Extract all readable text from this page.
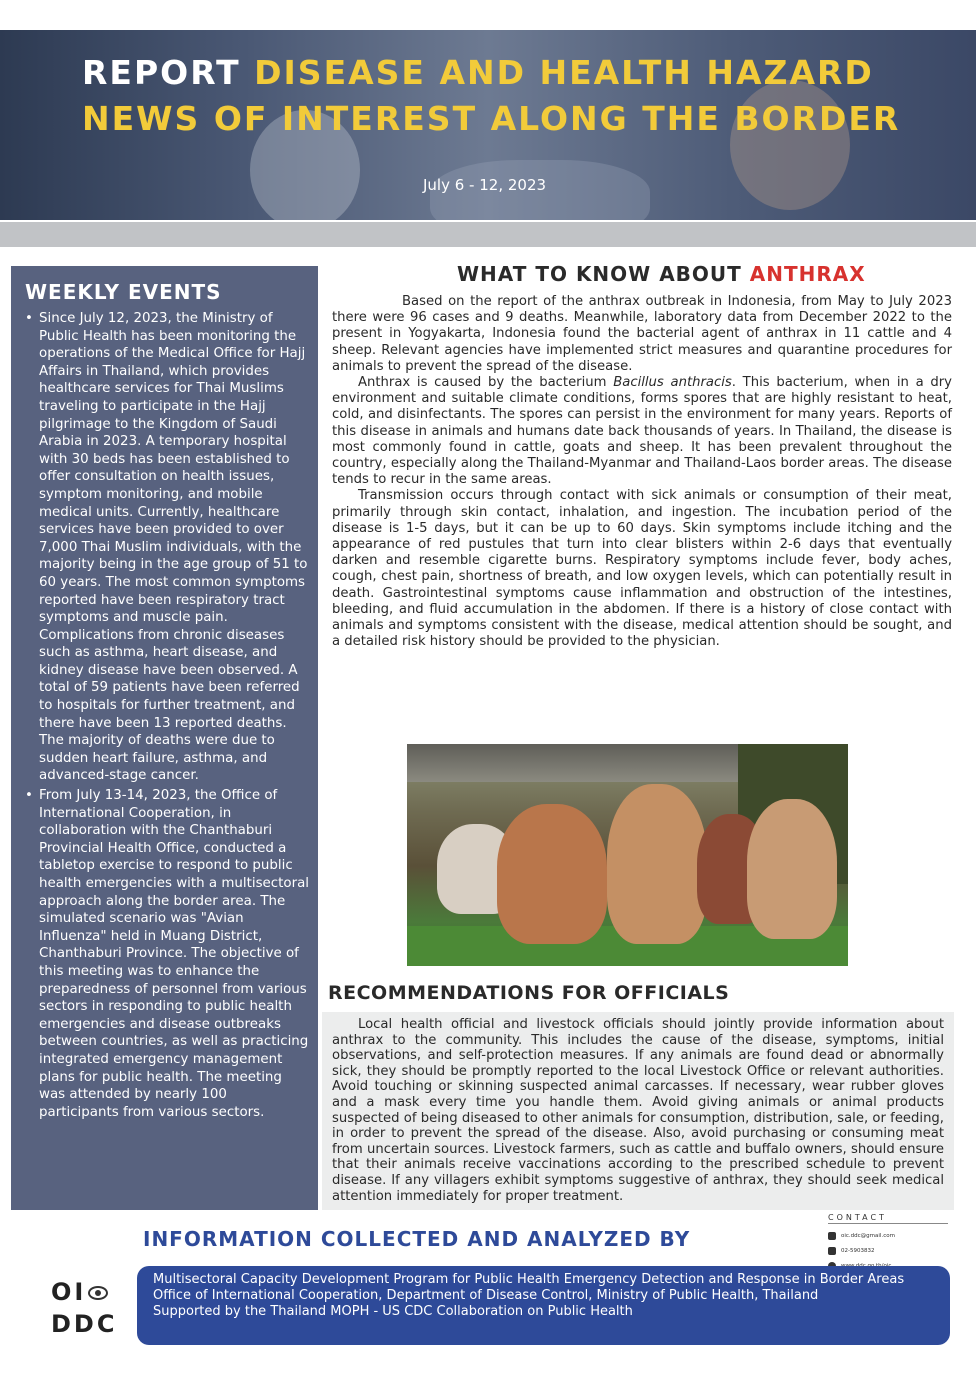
REPORT DISEASE AND HEALTH HAZARD NEWS OF INTEREST ALONG THE BORDER
July 6 - 12, 2023
WEEKLY EVENTS
• Since July 12, 2023, the Ministry of Public Health has been monitoring the operations of the Medical Office for Hajj Affairs in Thailand, which provides healthcare services for Thai Muslims traveling to participate in the Hajj pilgrimage to the Kingdom of Saudi Arabia in 2023. A temporary hospital with 30 beds has been established to offer consultation on health issues, symptom monitoring, and mobile medical units. Currently, healthcare services have been provided to over 7,000 Thai Muslim individuals, with the majority being in the age group of 51 to 60 years. The most common symptoms reported have been respiratory tract symptoms and muscle pain. Complications from chronic diseases such as asthma, heart disease, and kidney disease have been observed. A total of 59 patients have been referred to hospitals for further treatment, and there have been 13 reported deaths. The majority of deaths were due to sudden heart failure, asthma, and advanced-stage cancer.
• From July 13-14, 2023, the Office of International Cooperation, in collaboration with the Chanthaburi Provincial Health Office, conducted a tabletop exercise to respond to public health emergencies with a multisectoral approach along the border area. The simulated scenario was "Avian Influenza" held in Muang District, Chanthaburi Province. The objective of this meeting was to enhance the preparedness of personnel from various sectors in responding to public health emergencies and disease outbreaks between countries, as well as practicing integrated emergency management plans for public health. The meeting was attended by nearly 100 participants from various sectors.
WHAT TO KNOW ABOUT ANTHRAX

Based on the report of the anthrax outbreak in Indonesia, from May to July 2023 there were 96 cases and 9 deaths. Meanwhile, laboratory data from December 2022 to the present in Yogyakarta, Indonesia found the bacterial agent of anthrax in 11 cattle and 4 sheep. Relevant agencies have implemented strict measures and quarantine procedures for animals to prevent the spread of the disease.

Anthrax is caused by the bacterium Bacillus anthracis. This bacterium, when in a dry environment and suitable climate conditions, forms spores that are highly resistant to heat, cold, and disinfectants. The spores can persist in the environment for many years. Reports of this disease in animals and humans date back thousands of years. In Thailand, the disease is most commonly found in cattle, goats and sheep. It has been prevalent throughout the country, especially along the Thailand-Myanmar and Thailand-Laos border areas. The disease tends to recur in the same areas.

Transmission occurs through contact with sick animals or consumption of their meat, primarily through skin contact, inhalation, and ingestion. The incubation period of the disease is 1-5 days, but it can be up to 60 days. Skin symptoms include itching and the appearance of red pustules that turn into clear blisters within 2-6 days that eventually darken and resemble cigarette burns. Respiratory symptoms include fever, body aches, cough, chest pain, shortness of breath, and low oxygen levels, which can potentially result in death. Gastrointestinal symptoms cause inflammation and obstruction of the intestines, bleeding, and fluid accumulation in the abdomen. If there is a history of close contact with animals and symptoms consistent with the disease, medical attention should be sought, and a detailed risk history should be provided to the physician.

RECOMMENDATIONS FOR OFFICIALS

Local health official and livestock officials should jointly provide information about anthrax to the community. This includes the cause of the disease, symptoms, initial observations, and self-protection measures. If any animals are found dead or abnormally sick, they should be promptly reported to the local Livestock Office or relevant authorities. Avoid touching or skinning suspected animal carcasses. If necessary, wear rubber gloves and a mask every time you handle them. Avoid giving animals or animal products suspected of being diseased to other animals for consumption, distribution, sale, or feeding, in order to prevent the spread of the disease. Also, avoid purchasing or consuming meat from uncertain sources. Livestock farmers, such as cattle and buffalo owners, should ensure that their animals receive vaccinations according to the prescribed schedule to prevent disease. If any villagers exhibit symptoms suggestive of anthrax, they should seek medical attention immediately for proper treatment.

INFORMATION COLLECTED AND ANALYZED BY
CONTACT
oic.ddc@gmail.com
02-5903832
OI
DDC
Multisectoral Capacity Development Program for Public Health Emergency Detection and Response in Border Areas
Office of International Cooperation, Department of Disease Control, Ministry of Public Health, Thailand
Supported by the Thailand MOPH - US CDC Collaboration on Public Health
